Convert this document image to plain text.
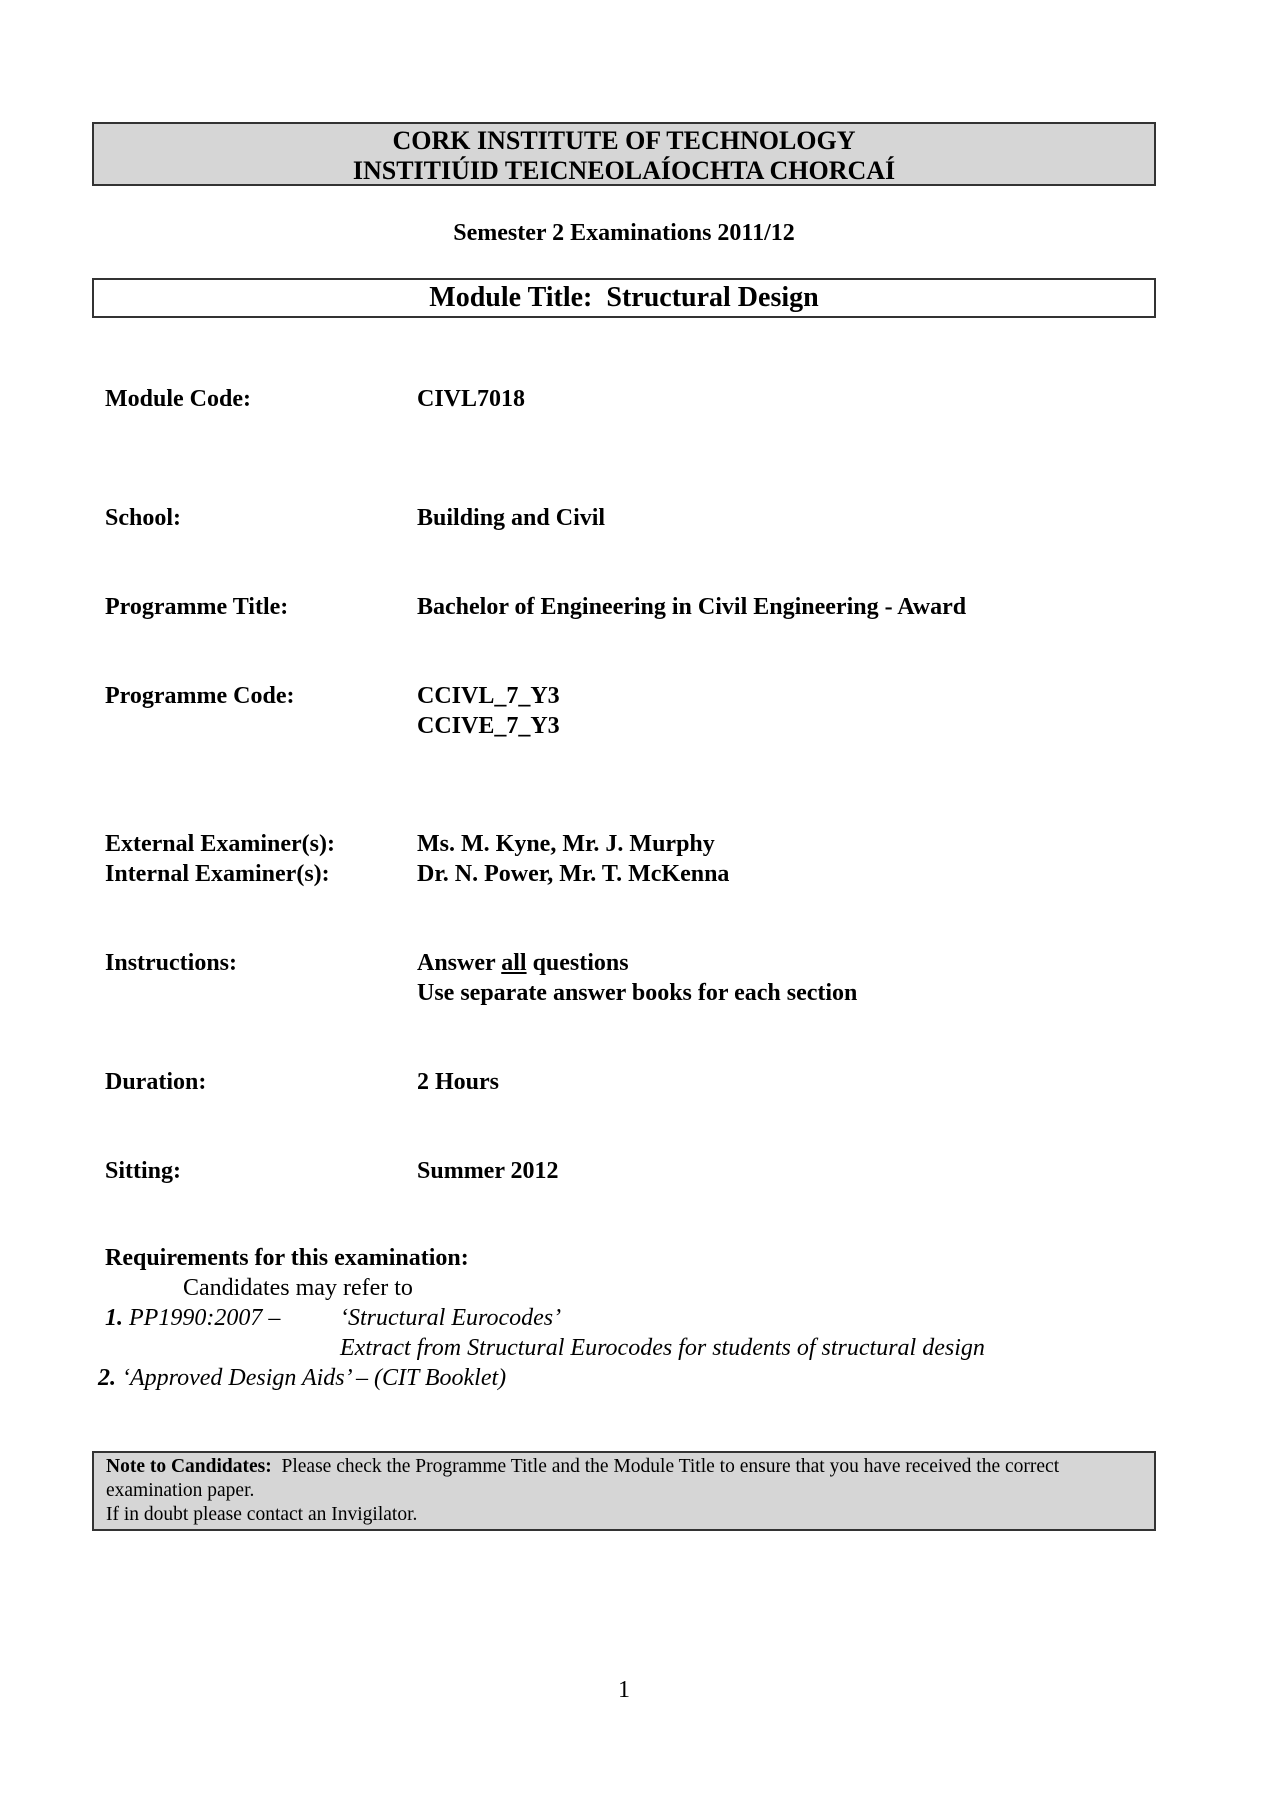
CORK INSTITUTE OF TECHNOLOGY
INSTITIÚID TEICNEOLAÍOCHTA CHORCAÍ
Semester 2 Examinations 2011/12
Module Title:  Structural Design
Module Code:	CIVL7018
School:	Building and Civil
Programme Title:	Bachelor of Engineering in Civil Engineering - Award
Programme Code:	CCIVL_7_Y3
CCIVE_7_Y3
External Examiner(s):	Ms. M. Kyne, Mr. J. Murphy
Internal Examiner(s):	Dr. N. Power, Mr. T. McKenna
Instructions:	Answer all questions
Use separate answer books for each section
Duration:	2 Hours
Sitting:	Summer 2012
Requirements for this examination:
Candidates may refer to
1. PP1990:2007 – ‘Structural Eurocodes’
Extract from Structural Eurocodes for students of structural design
2. ‘Approved Design Aids’ – (CIT Booklet)
Note to Candidates:  Please check the Programme Title and the Module Title to ensure that you have received the correct examination paper.
If in doubt please contact an Invigilator.
1
